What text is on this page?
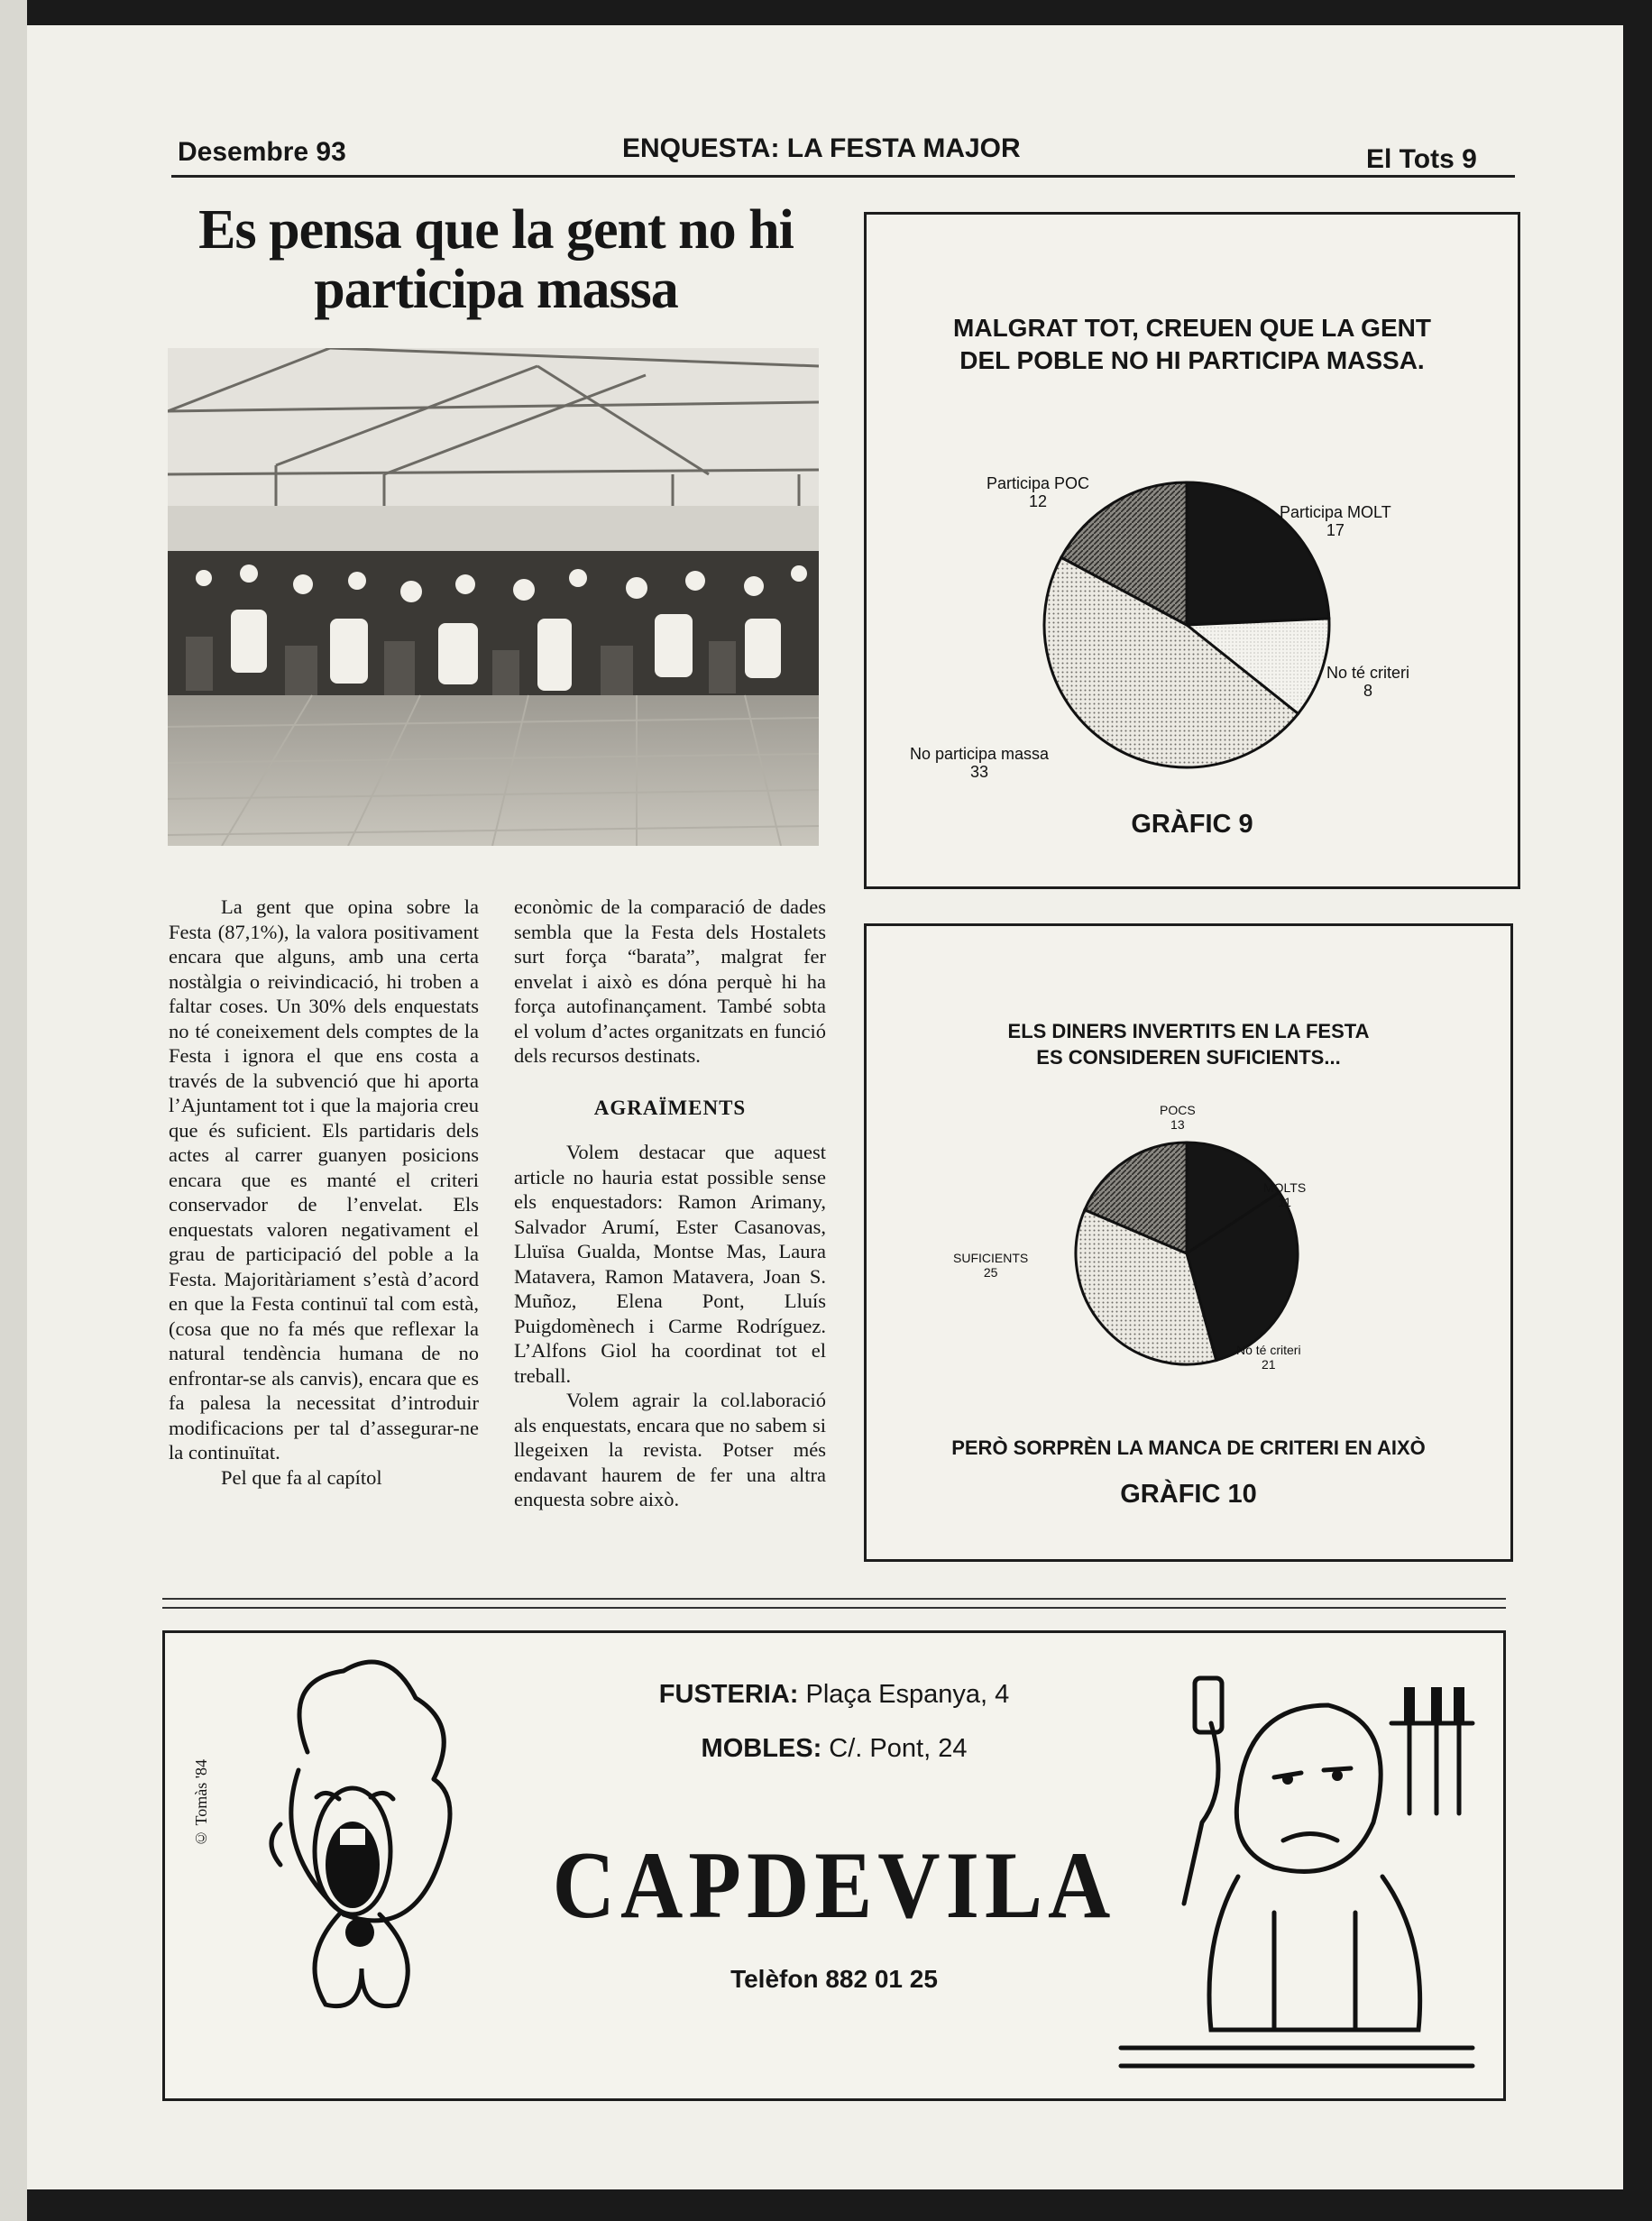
Desembre 93	ENQUESTA: LA FESTA MAJOR	El Tots 9
Es pensa que la gent no hi
participa massa

La gent que opina sobre la Festa (87,1%), la valora positivament encara que alguns, amb una certa nostàlgia o reivindicació, hi troben a faltar coses. Un 30% dels enquestats no té coneixement dels comptes de la Festa i ignora el que ens costa a través de la subvenció que hi aporta l’Ajuntament tot i que la majoria creu que és suficient. Els partidaris dels actes al carrer guanyen posicions encara que es manté el criteri conservador de l’envelat. Els enquestats valoren negativament el grau de participació del poble a la Festa. Majoritàriament s’està d’acord en que la Festa continuï tal com està,(cosa que no fa més que reflexar la natural tendència humana de no enfrontar-se als canvis), encara que es fa palesa la necessitat d’introduir modificacions per tal d’assegurar-ne la continuïtat.

Pel que fa al capítol

econòmic de la comparació de dades sembla que la Festa dels Hostalets surt força “barata”, malgrat fer envelat i això es dóna perquè hi ha força autofinançament. També sobta el volum d’actes organitzats en funció dels recursos destinats.

AGRAÏMENTS

Volem destacar que aquest article no hauria estat possible sense els enquestadors: Ramon Arimany, Salvador Arumí, Ester Casanovas, Lluïsa Gualda, Montse Mas, Laura Matavera, Ramon Matavera, Joan S. Muñoz, Elena Pont, Lluís Puigdomènech i Carme Rodríguez. L’Alfons Giol ha coordinat tot el treball.

Volem agrair la col.laboració als enquestats, encara que no sabem si llegeixen la revista. Potser més endavant haurem de fer una altra enquesta sobre això.

MALGRAT TOT, CREUEN QUE LA GENT
DEL POBLE NO HI PARTICIPA MASSA.
Participa MOLT
17
No té criteri
8
No participa massa
33
Participa POC
12
GRÀFIC 9
ELS DINERS INVERTITS EN LA FESTA
ES CONSIDEREN SUFICIENTS...
MOLTS
11
No té criteri
21
SUFICIENTS
25
POCS
13
PERÒ SORPRÈN LA MANCA DE CRITERI EN AIXÒ
GRÀFIC 10
© Tomàs '84
FUSTERIA: Plaça Espanya, 4
MOBLES: C/. Pont, 24
CAPDEVILA
Telèfon 882 01 25
